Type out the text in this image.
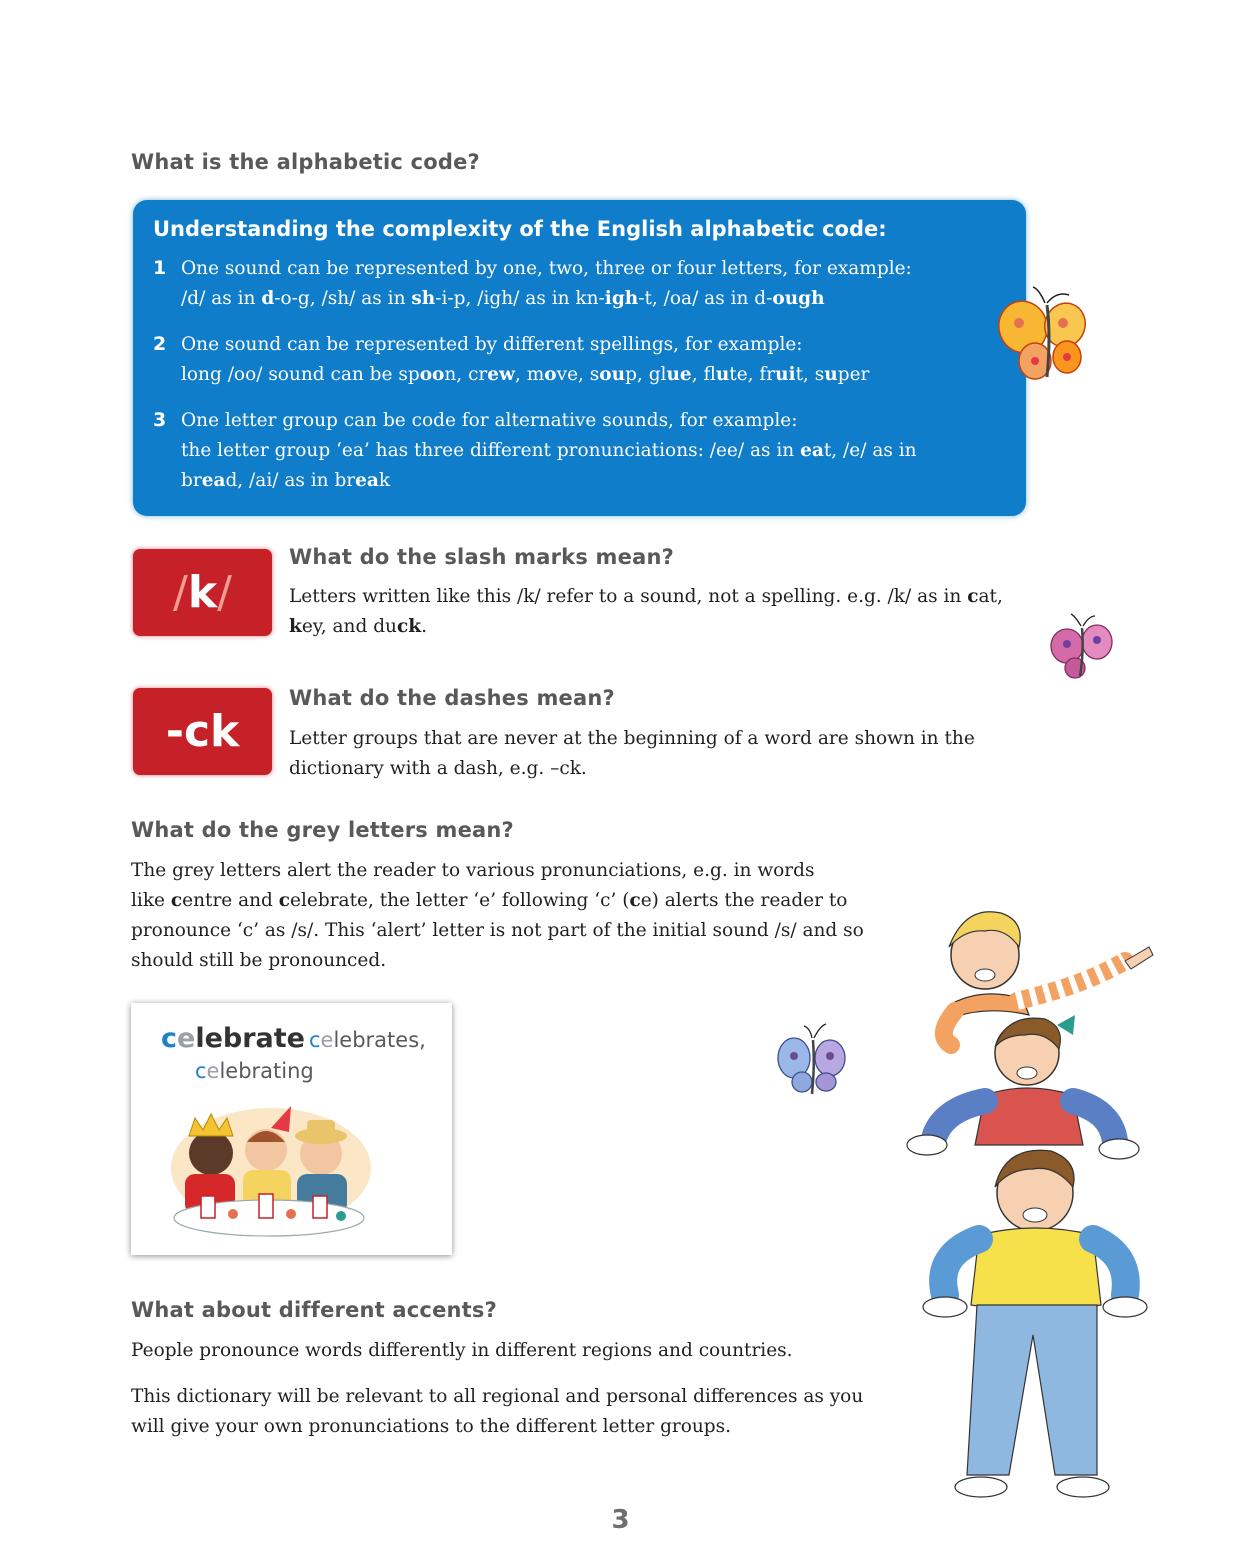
What is the alphabetic code?
Understanding the complexity of the English alphabetic code:
1 One sound can be represented by one, two, three or four letters, for example:
/d/ as in d-o-g, /sh/ as in sh-i-p, /igh/ as in kn-igh-t, /oa/ as in d-ough
2 One sound can be represented by different spellings, for example:
long /oo/ sound can be spoon, crew, move, soup, glue, flute, fruit, super
3 One letter group can be code for alternative sounds, for example:
the letter group ‘ea’ has three different pronunciations: /ee/ as in eat, /e/ as in
bread, /ai/ as in break
/ k /
What do the slash marks mean?
Letters written like this /k/ refer to a sound, not a spelling. e.g. /k/ as in cat, key, and duck.
-ck
What do the dashes mean?
Letter groups that are never at the beginning of a word are shown in the dictionary with a dash, e.g. –ck.
What do the grey letters mean?
The grey letters alert the reader to various pronunciations, e.g. in words
like centre and celebrate, the letter ‘e’ following ‘c’ (ce) alerts the reader to
pronounce ‘c’ as /s/. This ‘alert’ letter is not part of the initial sound /s/ and so
should still be pronounced.
celebrate celebrates,
celebrating
What about different accents?
People pronounce words differently in different regions and countries.
This dictionary will be relevant to all regional and personal differences as you will give your own pronunciations to the different letter groups.
3
